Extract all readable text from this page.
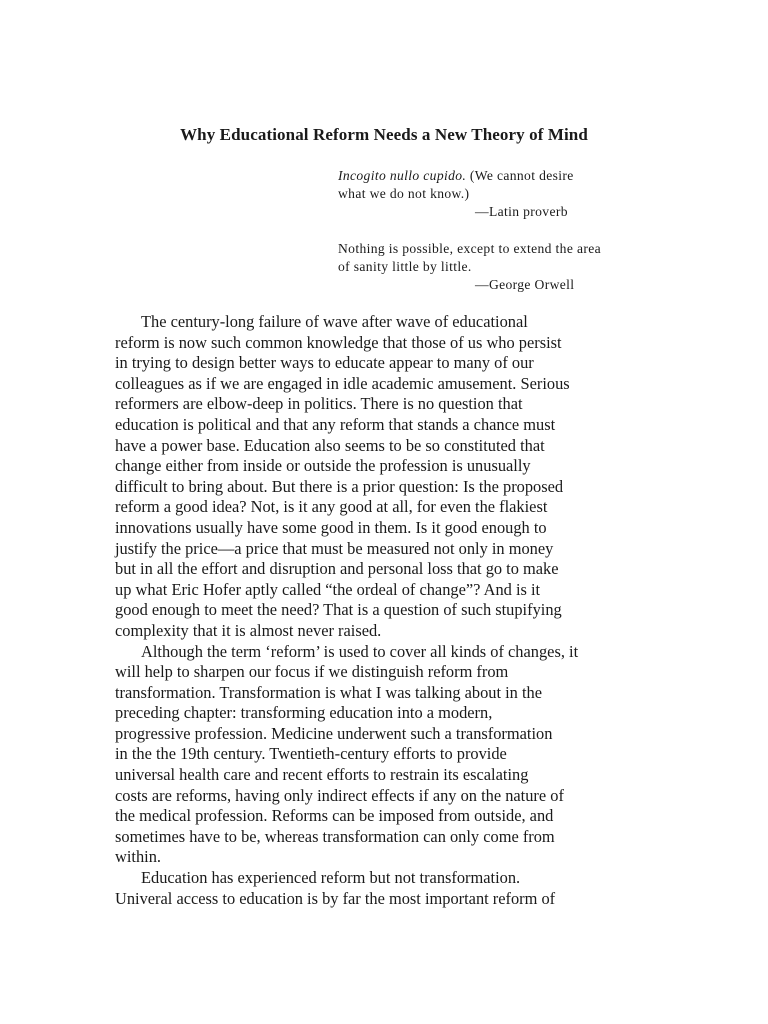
Why Educational Reform Needs a New Theory of Mind
Incogito nullo cupido. (We cannot desire
what we do not know.)
—Latin proverb
Nothing is possible, except to extend the area
of sanity little by little.
—George Orwell

The century-long failure of wave after wave of educational
reform is now such common knowledge that those of us who persist
in trying to design better ways to educate appear to many of our
colleagues as if we are engaged in idle academic amusement. Serious
reformers are elbow-deep in politics. There is no question that
education is political and that any reform that stands a chance must
have a power base. Education also seems to be so constituted that
change either from inside or outside the profession is unusually
difficult to bring about. But there is a prior question: Is the proposed
reform a good idea? Not, is it any good at all, for even the flakiest
innovations usually have some good in them. Is it good enough to
justify the price—a price that must be measured not only in money
but in all the effort and disruption and personal loss that go to make
up what Eric Hofer aptly called “the ordeal of change”? And is it
good enough to meet the need? That is a question of such stupifying
complexity that it is almost never raised.

Although the term ‘reform’ is used to cover all kinds of changes, it
will help to sharpen our focus if we distinguish reform from
transformation. Transformation is what I was talking about in the
preceding chapter: transforming education into a modern,
progressive profession. Medicine underwent such a transformation
in the the 19th century. Twentieth-century efforts to provide
universal health care and recent efforts to restrain its escalating
costs are reforms, having only indirect effects if any on the nature of
the medical profession. Reforms can be imposed from outside, and
sometimes have to be, whereas transformation can only come from
within.

Education has experienced reform but not transformation.
Univeral access to education is by far the most important reform of
